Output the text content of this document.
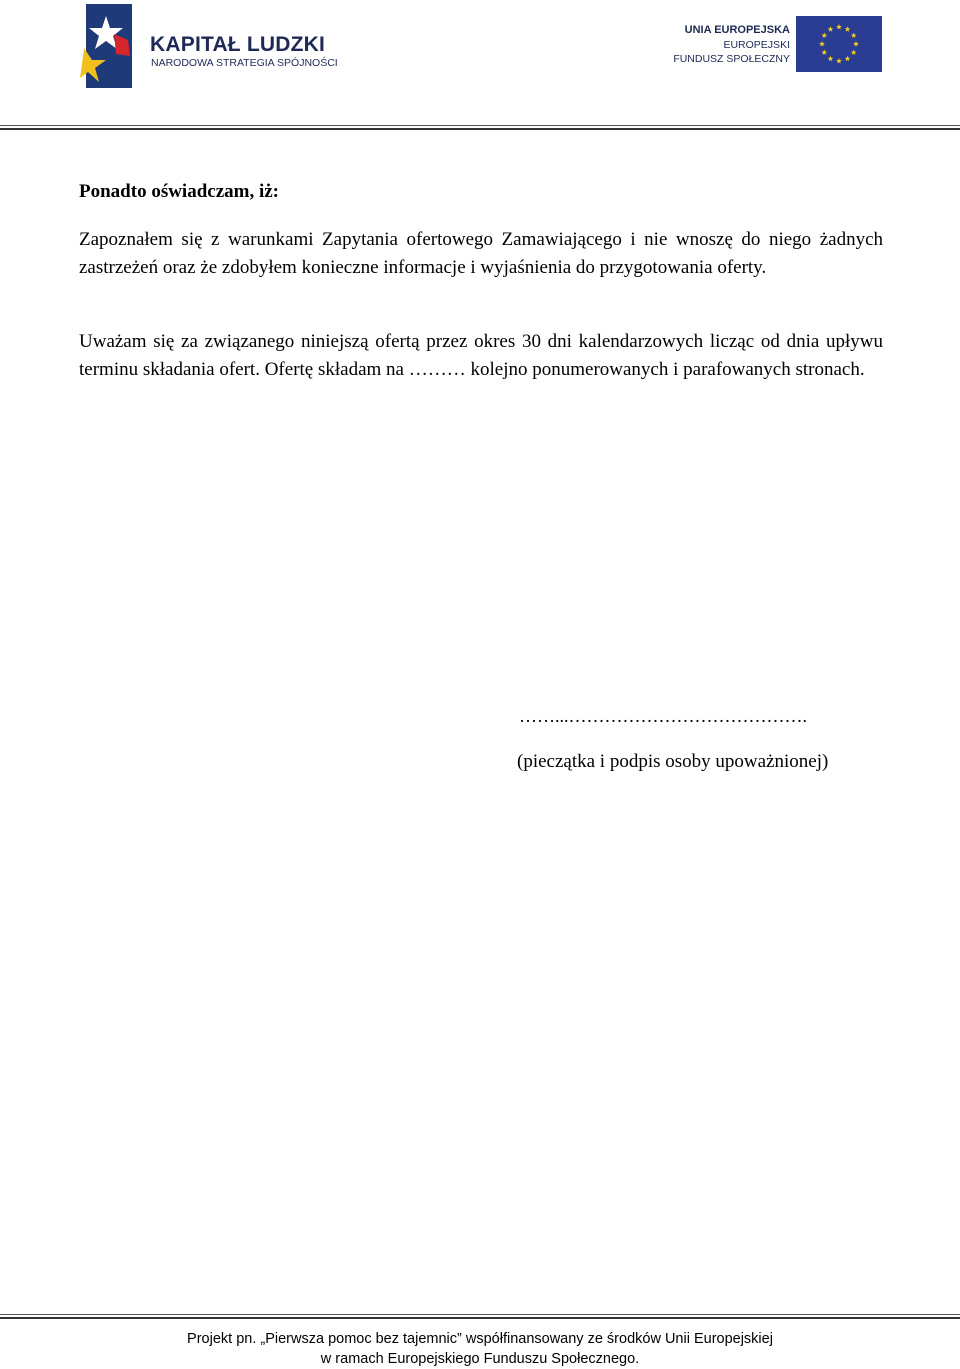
KAPITAŁ LUDZKI
NARODOWA STRATEGIA SPÓJNOŚCI
UNIA EUROPEJSKA
EUROPEJSKI
FUNDUSZ SPOŁECZNY
Ponadto oświadczam, iż:

Zapoznałem się z warunkami Zapytania ofertowego Zamawiającego i nie wnoszę do niego żadnych zastrzeżeń oraz że zdobyłem konieczne informacje i wyjaśnienia do przygotowania oferty.

Uważam się za związanego niniejszą ofertą przez okres 30 dni kalendarzowych licząc od dnia upływu terminu składania ofert. Ofertę składam na ……… kolejno ponumerowanych i parafowanych stronach.

……...………………………………….
(pieczątka i podpis osoby upoważnionej)
Projekt pn. „Pierwsza pomoc bez tajemnic” współfinansowany ze środków Unii Europejskiej
w ramach Europejskiego Funduszu Społecznego.
